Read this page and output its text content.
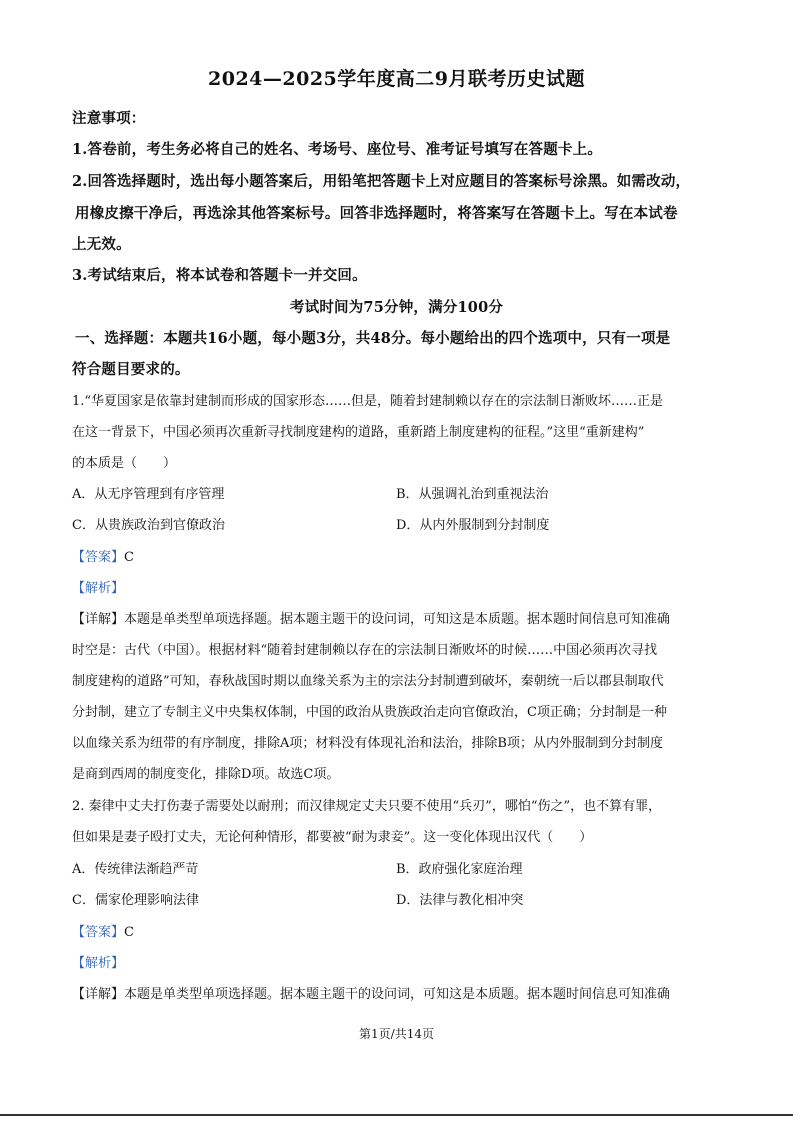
2024—2025学年度高二9月联考历史试题
注意事项：
1.答卷前，考生务必将自己的姓名、考场号、座位号、准考证号填写在答题卡上。
2.回答选择题时，选出每小题答案后，用铅笔把答题卡上对应题目的答案标号涂黑。如需改动，
用橡皮擦干净后，再选涂其他答案标号。回答非选择题时，将答案写在答题卡上。写在本试卷
上无效。
3.考试结束后，将本试卷和答题卡一并交回。
考试时间为75分钟，满分100分
一、选择题：本题共16小题，每小题3分，共48分。每小题给出的四个选项中，只有一项是
符合题目要求的。
1.“华夏国家是依靠封建制而形成的国家形态……但是，随着封建制赖以存在的宗法制日渐败坏……正是
在这一背景下，中国必须再次重新寻找制度建构的道路，重新踏上制度建构的征程。”这里“重新建构”
的本质是（　　）
A．从无序管理到有序管理	B．从强调礼治到重视法治
C．从贵族政治到官僚政治	D．从内外服制到分封制度
【答案】C
【解析】
【详解】本题是单类型单项选择题。据本题主题干的设问词，可知这是本质题。据本题时间信息可知准确
时空是：古代（中国）。根据材料“随着封建制赖以存在的宗法制日渐败坏的时候……中国必须再次寻找
制度建构的道路”可知，春秋战国时期以血缘关系为主的宗法分封制遭到破坏，秦朝统一后以郡县制取代
分封制，建立了专制主义中央集权体制，中国的政治从贵族政治走向官僚政治，C项正确；分封制是一种
以血缘关系为纽带的有序制度，排除A项；材料没有体现礼治和法治，排除B项；从内外服制到分封制度
是商到西周的制度变化，排除D项。故选C项。
2. 秦律中丈夫打伤妻子需要处以耐刑；而汉律规定丈夫只要不使用“兵刃”，哪怕“伤之”，也不算有罪，
但如果是妻子殴打丈夫，无论何种情形，都要被“耐为隶妾”。这一变化体现出汉代（　　）
A．传统律法渐趋严苛	B．政府强化家庭治理
C．儒家伦理影响法律	D．法律与教化相冲突
【答案】C
【解析】
【详解】本题是单类型单项选择题。据本题主题干的设问词，可知这是本质题。据本题时间信息可知准确
第1页/共14页
